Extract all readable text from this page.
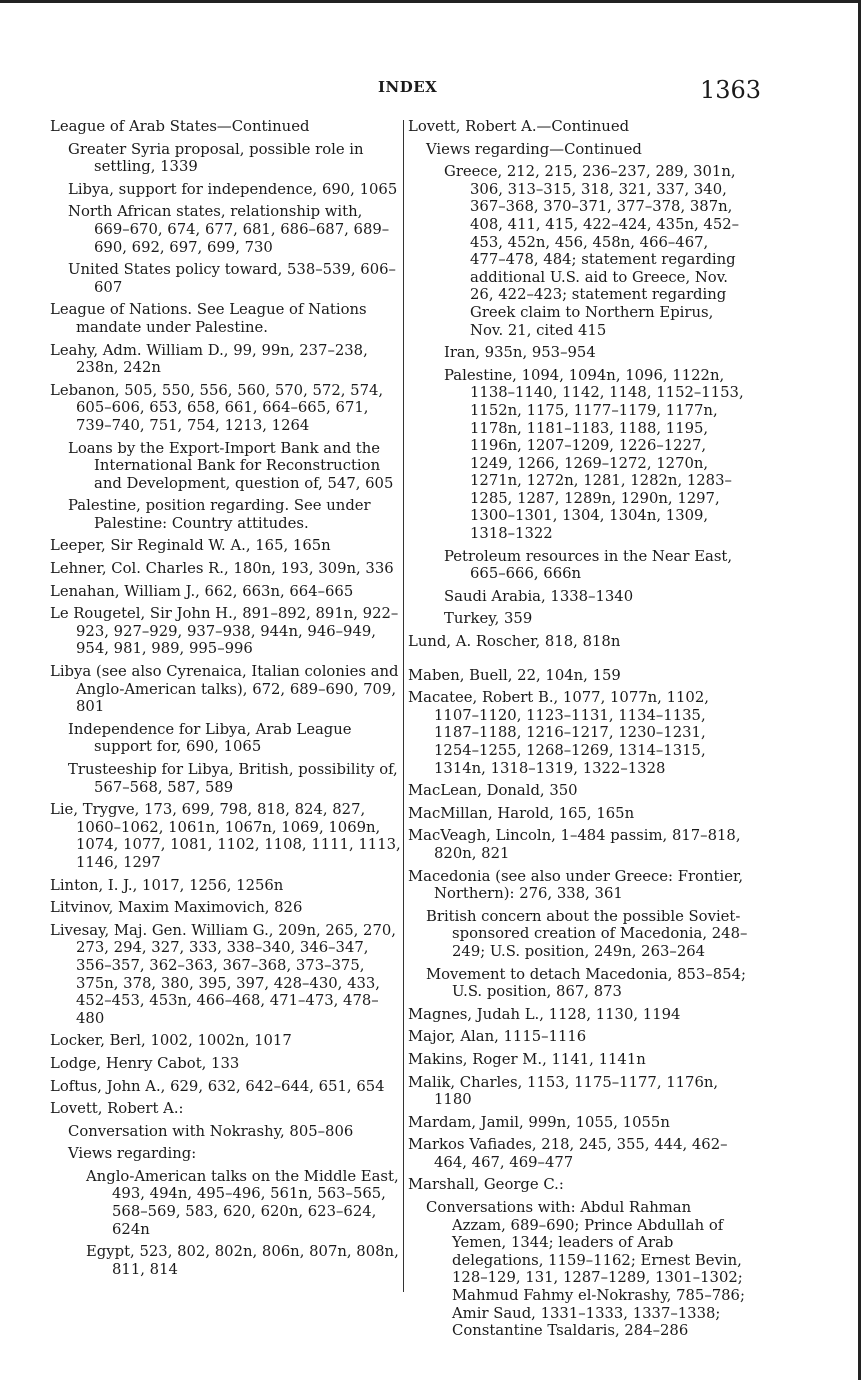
INDEX	1363
League of Arab States—Continued
Greater Syria proposal, possible role in settling, 1339
Libya, support for independence, 690, 1065
North African states, relationship with, 669–670, 674, 677, 681, 686–687, 689–690, 692, 697, 699, 730
United States policy toward, 538–539, 606–607
League of Nations. See League of Nations mandate under Palestine.
Leahy, Adm. William D., 99, 99n, 237–238, 238n, 242n
Lebanon, 505, 550, 556, 560, 570, 572, 574, 605–606, 653, 658, 661, 664–665, 671, 739–740, 751, 754, 1213, 1264
Loans by the Export-Import Bank and the International Bank for Reconstruction and Development, question of, 547, 605
Palestine, position regarding. See under Palestine: Country attitudes.
Leeper, Sir Reginald W. A., 165, 165n
Lehner, Col. Charles R., 180n, 193, 309n, 336
Lenahan, William J., 662, 663n, 664–665
Le Rougetel, Sir John H., 891–892, 891n, 922–923, 927–929, 937–938, 944n, 946–949, 954, 981, 989, 995–996
Libya (see also Cyrenaica, Italian colonies and Anglo-American talks), 672, 689–690, 709, 801
Independence for Libya, Arab League support for, 690, 1065
Trusteeship for Libya, British, possibility of, 567–568, 587, 589
Lie, Trygve, 173, 699, 798, 818, 824, 827, 1060–1062, 1061n, 1067n, 1069, 1069n, 1074, 1077, 1081, 1102, 1108, 1111, 1113, 1146, 1297
Linton, I. J., 1017, 1256, 1256n
Litvinov, Maxim Maximovich, 826
Livesay, Maj. Gen. William G., 209n, 265, 270, 273, 294, 327, 333, 338–340, 346–347, 356–357, 362–363, 367–368, 373–375, 375n, 378, 380, 395, 397, 428–430, 433, 452–453, 453n, 466–468, 471–473, 478–480
Locker, Berl, 1002, 1002n, 1017
Lodge, Henry Cabot, 133
Loftus, John A., 629, 632, 642–644, 651, 654
Lovett, Robert A.:
Conversation with Nokrashy, 805–806
Views regarding:
Anglo-American talks on the Middle East, 493, 494n, 495–496, 561n, 563–565, 568–569, 583, 620, 620n, 623–624, 624n
Egypt, 523, 802, 802n, 806n, 807n, 808n, 811, 814
Lovett, Robert A.—Continued
Views regarding—Continued
Greece, 212, 215, 236–237, 289, 301n, 306, 313–315, 318, 321, 337, 340, 367–368, 370–371, 377–378, 387n, 408, 411, 415, 422–424, 435n, 452–453, 452n, 456, 458n, 466–467, 477–478, 484; statement regarding additional U.S. aid to Greece, Nov. 26, 422–423; statement regarding Greek claim to Northern Epirus, Nov. 21, cited 415
Iran, 935n, 953–954
Palestine, 1094, 1094n, 1096, 1122n, 1138–1140, 1142, 1148, 1152–1153, 1152n, 1175, 1177–1179, 1177n, 1178n, 1181–1183, 1188, 1195, 1196n, 1207–1209, 1226–1227, 1249, 1266, 1269–1272, 1270n, 1271n, 1272n, 1281, 1282n, 1283–1285, 1287, 1289n, 1290n, 1297, 1300–1301, 1304, 1304n, 1309, 1318–1322
Petroleum resources in the Near East, 665–666, 666n
Saudi Arabia, 1338–1340
Turkey, 359
Lund, A. Roscher, 818, 818n
Maben, Buell, 22, 104n, 159
Macatee, Robert B., 1077, 1077n, 1102, 1107–1120, 1123–1131, 1134–1135, 1187–1188, 1216–1217, 1230–1231, 1254–1255, 1268–1269, 1314–1315, 1314n, 1318–1319, 1322–1328
MacLean, Donald, 350
MacMillan, Harold, 165, 165n
MacVeagh, Lincoln, 1–484 passim, 817–818, 820n, 821
Macedonia (see also under Greece: Frontier, Northern): 276, 338, 361
British concern about the possible Soviet-sponsored creation of Macedonia, 248–249; U.S. position, 249n, 263–264
Movement to detach Macedonia, 853–854; U.S. position, 867, 873
Magnes, Judah L., 1128, 1130, 1194
Major, Alan, 1115–1116
Makins, Roger M., 1141, 1141n
Malik, Charles, 1153, 1175–1177, 1176n, 1180
Mardam, Jamil, 999n, 1055, 1055n
Markos Vafiades, 218, 245, 355, 444, 462–464, 467, 469–477
Marshall, George C.:
Conversations with: Abdul Rahman Azzam, 689–690; Prince Abdullah of Yemen, 1344; leaders of Arab delegations, 1159–1162; Ernest Bevin, 128–129, 131, 1287–1289, 1301–1302; Mahmud Fahmy el-Nokrashy, 785–786; Amir Saud, 1331–1333, 1337–1338; Constantine Tsaldaris, 284–286
